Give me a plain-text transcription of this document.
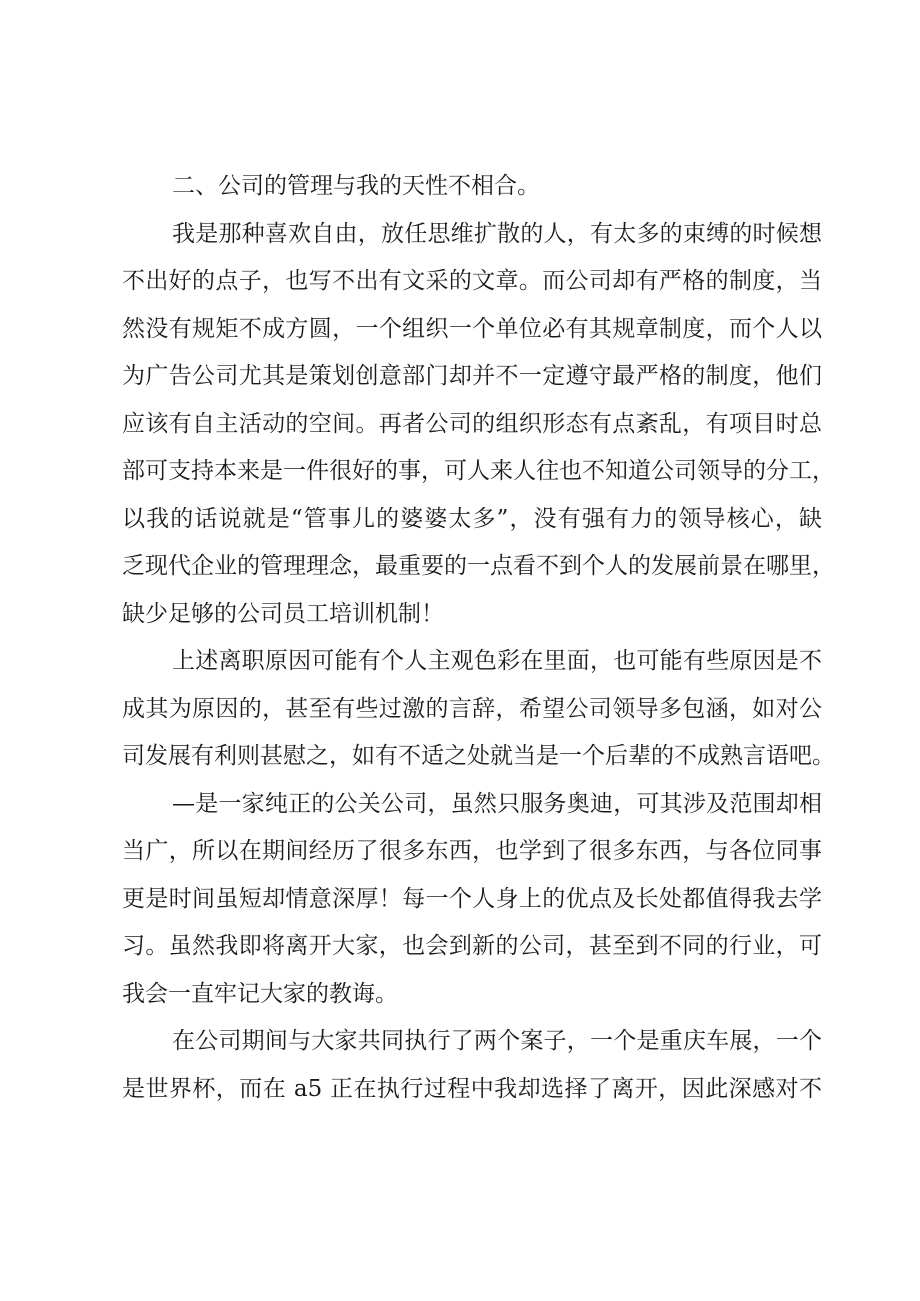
二、公司的管理与我的天性不相合。
我是那种喜欢自由，放任思维扩散的人，有太多的束缚的时候想
不出好的点子，也写不出有文采的文章。而公司却有严格的制度，当
然没有规矩不成方圆，一个组织一个单位必有其规章制度，而个人以
为广告公司尤其是策划创意部门却并不一定遵守最严格的制度，他们
应该有自主活动的空间。再者公司的组织形态有点紊乱，有项目时总
部可支持本来是一件很好的事，可人来人往也不知道公司领导的分工，
以我的话说就是“管事儿的婆婆太多”，没有强有力的领导核心，缺
乏现代企业的管理理念，最重要的一点看不到个人的发展前景在哪里，
缺少足够的公司员工培训机制！
上述离职原因可能有个人主观色彩在里面，也可能有些原因是不
成其为原因的，甚至有些过激的言辞，希望公司领导多包涵，如对公
司发展有利则甚慰之，如有不适之处就当是一个后辈的不成熟言语吧。
—是一家纯正的公关公司，虽然只服务奥迪，可其涉及范围却相
当广，所以在期间经历了很多东西，也学到了很多东西，与各位同事
更是时间虽短却情意深厚！每一个人身上的优点及长处都值得我去学
习。虽然我即将离开大家，也会到新的公司，甚至到不同的行业，可
我会一直牢记大家的教诲。
在公司期间与大家共同执行了两个案子，一个是重庆车展，一个
是世界杯，而在 a5 正在执行过程中我却选择了离开，因此深感对不
